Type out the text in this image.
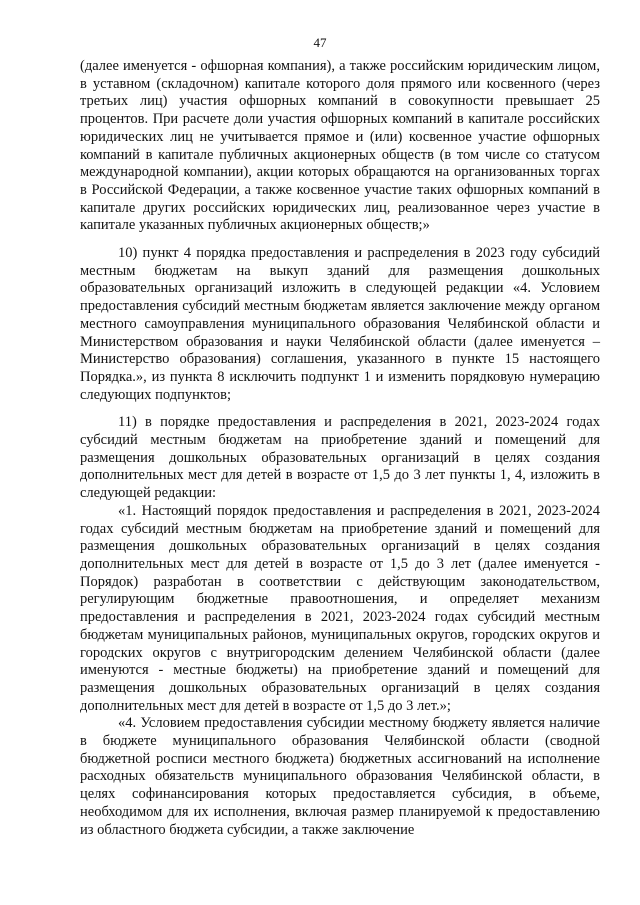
47

(далее именуется - офшорная компания), а также российским юридическим лицом, в уставном (складочном) капитале которого доля прямого или косвенного (через третьих лиц) участия офшорных компаний в совокупности превышает 25 процентов. При расчете доли участия офшорных компаний в капитале российских юридических лиц не учитывается прямое и (или) косвенное участие офшорных компаний в капитале публичных акционерных обществ (в том числе со статусом международной компании), акции которых обращаются на организованных торгах в Российской Федерации, а также косвенное участие таких офшорных компаний в капитале других российских юридических лиц, реализованное через участие в капитале указанных публичных акционерных обществ;»

10) пункт 4 порядка предоставления и распределения в 2023 году субсидий местным бюджетам на выкуп зданий для размещения дошкольных образовательных организаций изложить в следующей редакции «4. Условием предоставления субсидий местным бюджетам является заключение между органом местного самоуправления муниципального образования Челябинской области и Министерством образования и науки Челябинской области (далее именуется – Министерство образования) соглашения, указанного в пункте 15 настоящего Порядка.», из пункта 8 исключить подпункт 1 и изменить порядковую нумерацию следующих подпунктов;

11) в порядке предоставления и распределения в 2021, 2023-2024 годах субсидий местным бюджетам на приобретение зданий и помещений для размещения дошкольных образовательных организаций в целях создания дополнительных мест для детей в возрасте от 1,5 до 3 лет пункты 1, 4, изложить в следующей редакции:

«1. Настоящий порядок предоставления и распределения в 2021, 2023-2024 годах субсидий местным бюджетам на приобретение зданий и помещений для размещения дошкольных образовательных организаций в целях создания дополнительных мест для детей в возрасте от 1,5 до 3 лет (далее именуется - Порядок) разработан в соответствии с действующим законодательством, регулирующим бюджетные правоотношения, и определяет механизм предоставления и распределения в 2021, 2023-2024 годах субсидий местным бюджетам муниципальных районов, муниципальных округов, городских округов и городских округов с внутригородским делением Челябинской области (далее именуются - местные бюджеты) на приобретение зданий и помещений для размещения дошкольных образовательных организаций в целях создания дополнительных мест для детей в возрасте от 1,5 до 3 лет.»;

«4. Условием предоставления субсидии местному бюджету является наличие в бюджете муниципального образования Челябинской области (сводной бюджетной росписи местного бюджета) бюджетных ассигнований на исполнение расходных обязательств муниципального образования Челябинской области, в целях софинансирования которых предоставляется субсидия, в объеме, необходимом для их исполнения, включая размер планируемой к предоставлению из областного бюджета субсидии, а также заключение
